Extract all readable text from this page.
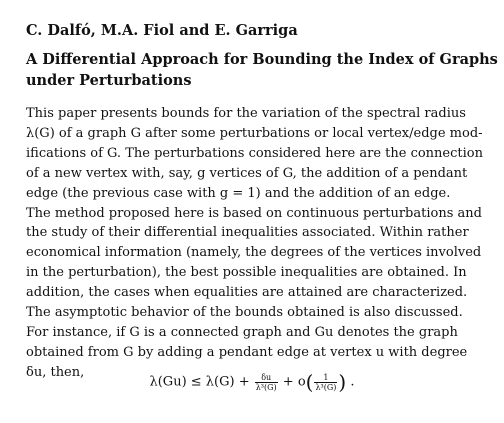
C. Dalfó, M.A. Fiol and E. Garriga
A Differential Approach for Bounding the Index of Graphs
under Perturbations
This paper presents bounds for the variation of the spectral radius
λ(G) of a graph G after some perturbations or local vertex/edge mod-
ifications of G. The perturbations considered here are the connection
of a new vertex with, say, g vertices of G, the addition of a pendant
edge (the previous case with g = 1) and the addition of an edge.
The method proposed here is based on continuous perturbations and
the study of their differential inequalities associated. Within rather
economical information (namely, the degrees of the vertices involved
in the perturbation), the best possible inequalities are obtained. In
addition, the cases when equalities are attained are characterized.
The asymptotic behavior of the bounds obtained is also discussed.
For instance, if G is a connected graph and Gu denotes the graph
obtained from G by adding a pendant edge at vertex u with degree
δu, then,
$\lambda(Gu) \le \lambda(G) + \frac{\delta u}{\text{λ³(G)}} + o( \frac{1}{\text{λ³(G)}}$ ) .
